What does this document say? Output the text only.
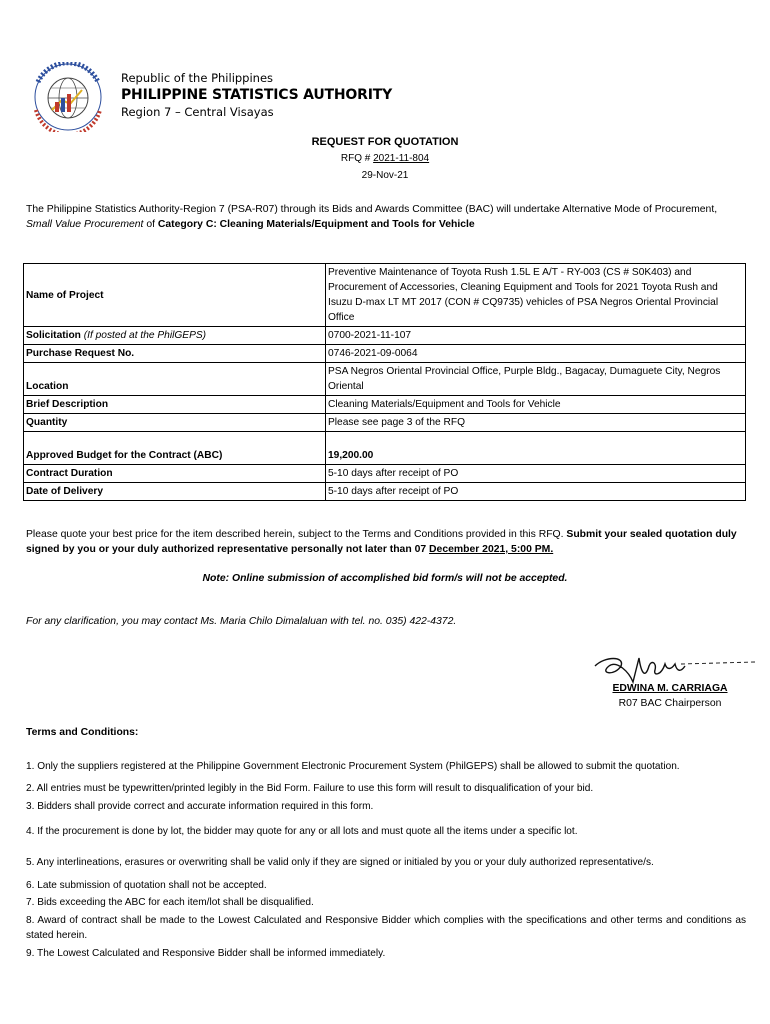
Republic of the Philippines
PHILIPPINE STATISTICS AUTHORITY
Region 7 – Central Visayas
REQUEST FOR QUOTATION
RFQ # 2021-11-804
29-Nov-21
The Philippine Statistics Authority-Region 7 (PSA-R07) through its Bids and Awards Committee (BAC) will undertake Alternative Mode of Procurement,
Small Value Procurement of Category C: Cleaning Materials/Equipment and Tools for Vehicle
Name of Project	Preventive Maintenance of Toyota Rush 1.5L E A/T - RY-003 (CS # S0K403) and Procurement of Accessories, Cleaning Equipment and Tools for 2021 Toyota Rush and Isuzu D-max LT MT 2017 (CON # CQ9735) vehicles of PSA Negros Oriental Provincial Office
Solicitation (If posted at the PhilGEPS)	0700-2021-11-107
Purchase Request No.	0746-2021-09-0064
Location	PSA Negros Oriental Provincial Office, Purple Bldg., Bagacay, Dumaguete City, Negros Oriental
Brief Description	Cleaning Materials/Equipment and Tools for Vehicle
Quantity	Please see page 3 of the RFQ
Approved Budget for the Contract (ABC)	19,200.00
Contract Duration	5-10 days after receipt of PO
Date of Delivery	5-10 days after receipt of PO
Please quote your best price for the item described herein, subject to the Terms and Conditions provided in this RFQ. Submit your sealed quotation duly signed by you or your duly authorized representative personally not later than 07 December 2021, 5:00 PM.
Note: Online submission of accomplished bid form/s will not be accepted.
For any clarification, you may contact Ms. Maria Chilo Dimalaluan with tel. no. 035) 422-4372.
EDWINA M. CARRIAGA
R07 BAC Chairperson
Terms and Conditions:
1. Only the suppliers registered at the Philippine Government Electronic Procurement System (PhilGEPS) shall be allowed to submit the quotation.
2. All entries must be typewritten/printed legibly in the Bid Form. Failure to use this form will result to disqualification of your bid.
3. Bidders shall provide correct and accurate information required in this form.
4. If the procurement is done by lot, the bidder may quote for any or all lots and must quote all the items under a specific lot.
5. Any interlineations, erasures or overwriting shall be valid only if they are signed or initialed by you or your duly authorized representative/s.
6. Late submission of quotation shall not be accepted.
7. Bids exceeding the ABC for each item/lot shall be disqualified.
8. Award of contract shall be made to the Lowest Calculated and Responsive Bidder which complies with the specifications and other terms and conditions as stated herein.
9. The Lowest Calculated and Responsive Bidder shall be informed immediately.
